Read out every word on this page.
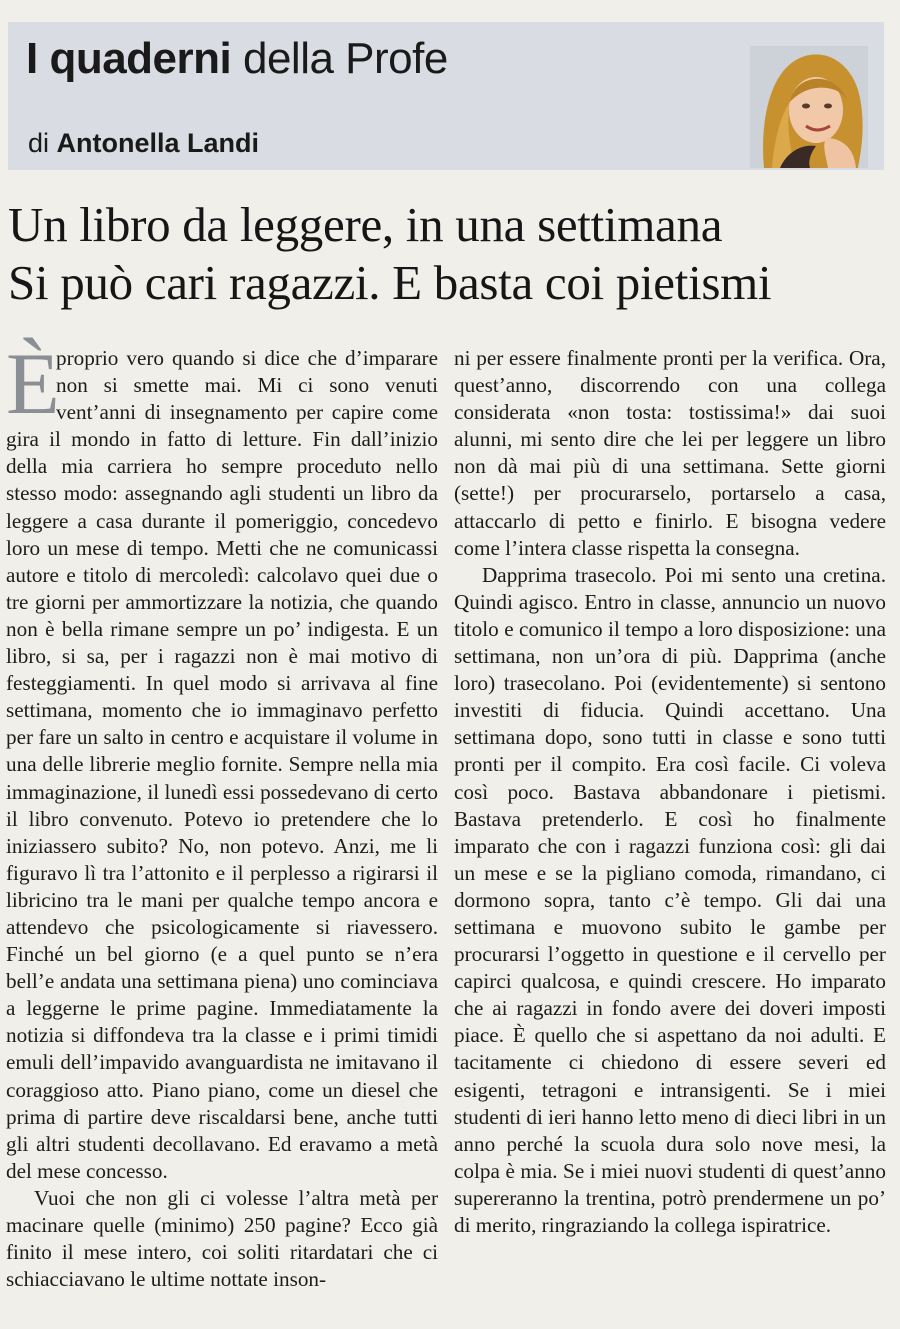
I quaderni della Profe
di Antonella Landi
Un libro da leggere, in una settimana
Si può cari ragazzi. E basta coi pietismi

È
proprio vero quando si dice che d’imparare non si smette mai. Mi ci sono venuti vent’anni di insegnamento per capire come gira il mondo in fatto di letture. Fin dall’inizio della mia carriera ho sempre proceduto nello stesso modo: assegnando agli studenti un libro da leggere a casa durante il pomeriggio, concedevo loro un mese di tempo. Metti che ne comunicassi autore e titolo di mercoledì: calcolavo quei due o tre giorni per ammortizzare la notizia, che quando non è bella rimane sempre un po’ indigesta. E un libro, si sa, per i ragazzi non è mai motivo di festeggiamenti. In quel modo si arrivava al fine settimana, momento che io immaginavo perfetto per fare un salto in centro e acquistare il volume in una delle librerie meglio fornite. Sempre nella mia immaginazione, il lunedì essi possedevano di certo il libro convenuto. Potevo io pretendere che lo iniziassero subito? No, non potevo. Anzi, me li figuravo lì tra l’attonito e il perplesso a rigirarsi il libricino tra le mani per qualche tempo ancora e attendevo che psicologicamente si riavessero. Finché un bel giorno (e a quel punto se n’era bell’e andata una settimana piena) uno cominciava a leggerne le prime pagine. Immediatamente la notizia si diffondeva tra la classe e i primi timidi emuli dell’impavido avanguardista ne imitavano il coraggioso atto. Piano piano, come un diesel che prima di partire deve riscaldarsi bene, anche tutti gli altri studenti decollavano. Ed eravamo a metà del mese concesso.

Vuoi che non gli ci volesse l’altra metà per macinare quelle (minimo) 250 pagine? Ecco già finito il mese intero, coi soliti ritardatari che ci schiacciavano le ultime nottate inson-

ni per essere finalmente pronti per la verifica. Ora, quest’anno, discorrendo con una collega considerata «non tosta: tostissima!» dai suoi alunni, mi sento dire che lei per leggere un libro non dà mai più di una settimana. Sette giorni (sette!) per procurarselo, portarselo a casa, attaccarlo di petto e finirlo. E bisogna vedere come l’intera classe rispetta la consegna.

Dapprima trasecolo. Poi mi sento una cretina. Quindi agisco. Entro in classe, annuncio un nuovo titolo e comunico il tempo a loro disposizione: una settimana, non un’ora di più. Dapprima (anche loro) trasecolano. Poi (evidentemente) si sentono investiti di fiducia. Quindi accettano. Una settimana dopo, sono tutti in classe e sono tutti pronti per il compito. Era così facile. Ci voleva così poco. Bastava abbandonare i pietismi. Bastava pretenderlo. E così ho finalmente imparato che con i ragazzi funziona così: gli dai un mese e se la pigliano comoda, rimandano, ci dormono sopra, tanto c’è tempo. Gli dai una settimana e muovono subito le gambe per procurarsi l’oggetto in questione e il cervello per capirci qualcosa, e quindi crescere. Ho imparato che ai ragazzi in fondo avere dei doveri imposti piace. È quello che si aspettano da noi adulti. E tacitamente ci chiedono di essere severi ed esigenti, tetragoni e intransigenti. Se i miei studenti di ieri hanno letto meno di dieci libri in un anno perché la scuola dura solo nove mesi, la colpa è mia. Se i miei nuovi studenti di quest’anno supereranno la trentina, potrò prendermene un po’ di merito, ringraziando la collega ispiratrice.
